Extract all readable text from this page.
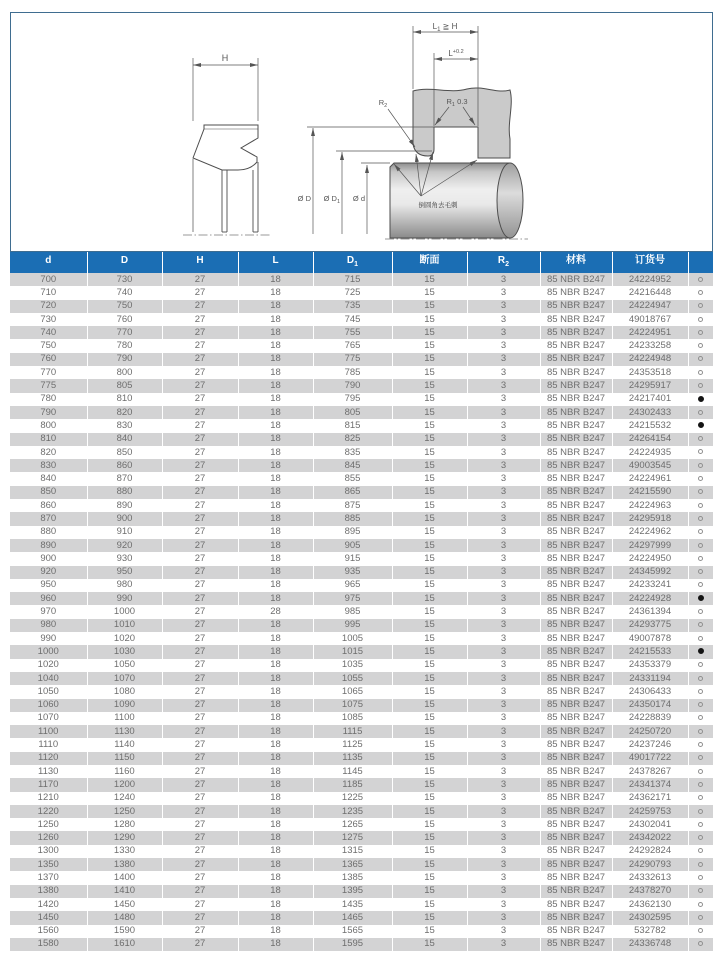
H
$L_1$ ≧ H
$L^{+0.2}$
$R_1$ 0.3
$R_2$
Ø D Ø $D_1$ Ø d
倒圆角去毛刺
d	D	H	L	$D_1$	断面	$R_2$	材料	订货号	
700	730	27	18	715	15	3	85 NBR B247	24224952	
710	740	27	18	725	15	3	85 NBR B247	24216448	
720	750	27	18	735	15	3	85 NBR B247	24224947	
730	760	27	18	745	15	3	85 NBR B247	49018767	
740	770	27	18	755	15	3	85 NBR B247	24224951	
750	780	27	18	765	15	3	85 NBR B247	24233258	
760	790	27	18	775	15	3	85 NBR B247	24224948	
770	800	27	18	785	15	3	85 NBR B247	24353518	
775	805	27	18	790	15	3	85 NBR B247	24295917	
780	810	27	18	795	15	3	85 NBR B247	24217401	
790	820	27	18	805	15	3	85 NBR B247	24302433	
800	830	27	18	815	15	3	85 NBR B247	24215532	
810	840	27	18	825	15	3	85 NBR B247	24264154	
820	850	27	18	835	15	3	85 NBR B247	24224935	
830	860	27	18	845	15	3	85 NBR B247	49003545	
840	870	27	18	855	15	3	85 NBR B247	24224961	
850	880	27	18	865	15	3	85 NBR B247	24215590	
860	890	27	18	875	15	3	85 NBR B247	24224963	
870	900	27	18	885	15	3	85 NBR B247	24295918	
880	910	27	18	895	15	3	85 NBR B247	24224962	
890	920	27	18	905	15	3	85 NBR B247	24297999	
900	930	27	18	915	15	3	85 NBR B247	24224950	
920	950	27	18	935	15	3	85 NBR B247	24345992	
950	980	27	18	965	15	3	85 NBR B247	24233241	
960	990	27	18	975	15	3	85 NBR B247	24224928	
970	1000	27	28	985	15	3	85 NBR B247	24361394	
980	1010	27	18	995	15	3	85 NBR B247	24293775	
990	1020	27	18	1005	15	3	85 NBR B247	49007878	
1000	1030	27	18	1015	15	3	85 NBR B247	24215533	
1020	1050	27	18	1035	15	3	85 NBR B247	24353379	
1040	1070	27	18	1055	15	3	85 NBR B247	24331194	
1050	1080	27	18	1065	15	3	85 NBR B247	24306433	
1060	1090	27	18	1075	15	3	85 NBR B247	24350174	
1070	1100	27	18	1085	15	3	85 NBR B247	24228839	
1100	1130	27	18	1115	15	3	85 NBR B247	24250720	
1110	1140	27	18	1125	15	3	85 NBR B247	24237246	
1120	1150	27	18	1135	15	3	85 NBR B247	49017722	
1130	1160	27	18	1145	15	3	85 NBR B247	24378267	
1170	1200	27	18	1185	15	3	85 NBR B247	24341374	
1210	1240	27	18	1225	15	3	85 NBR B247	24362171	
1220	1250	27	18	1235	15	3	85 NBR B247	24259753	
1250	1280	27	18	1265	15	3	85 NBR B247	24302041	
1260	1290	27	18	1275	15	3	85 NBR B247	24342022	
1300	1330	27	18	1315	15	3	85 NBR B247	24292824	
1350	1380	27	18	1365	15	3	85 NBR B247	24290793	
1370	1400	27	18	1385	15	3	85 NBR B247	24332613	
1380	1410	27	18	1395	15	3	85 NBR B247	24378270	
1420	1450	27	18	1435	15	3	85 NBR B247	24362130	
1450	1480	27	18	1465	15	3	85 NBR B247	24302595	
1560	1590	27	18	1565	15	3	85 NBR B247	532782	
1580	1610	27	18	1595	15	3	85 NBR B247	24336748	
